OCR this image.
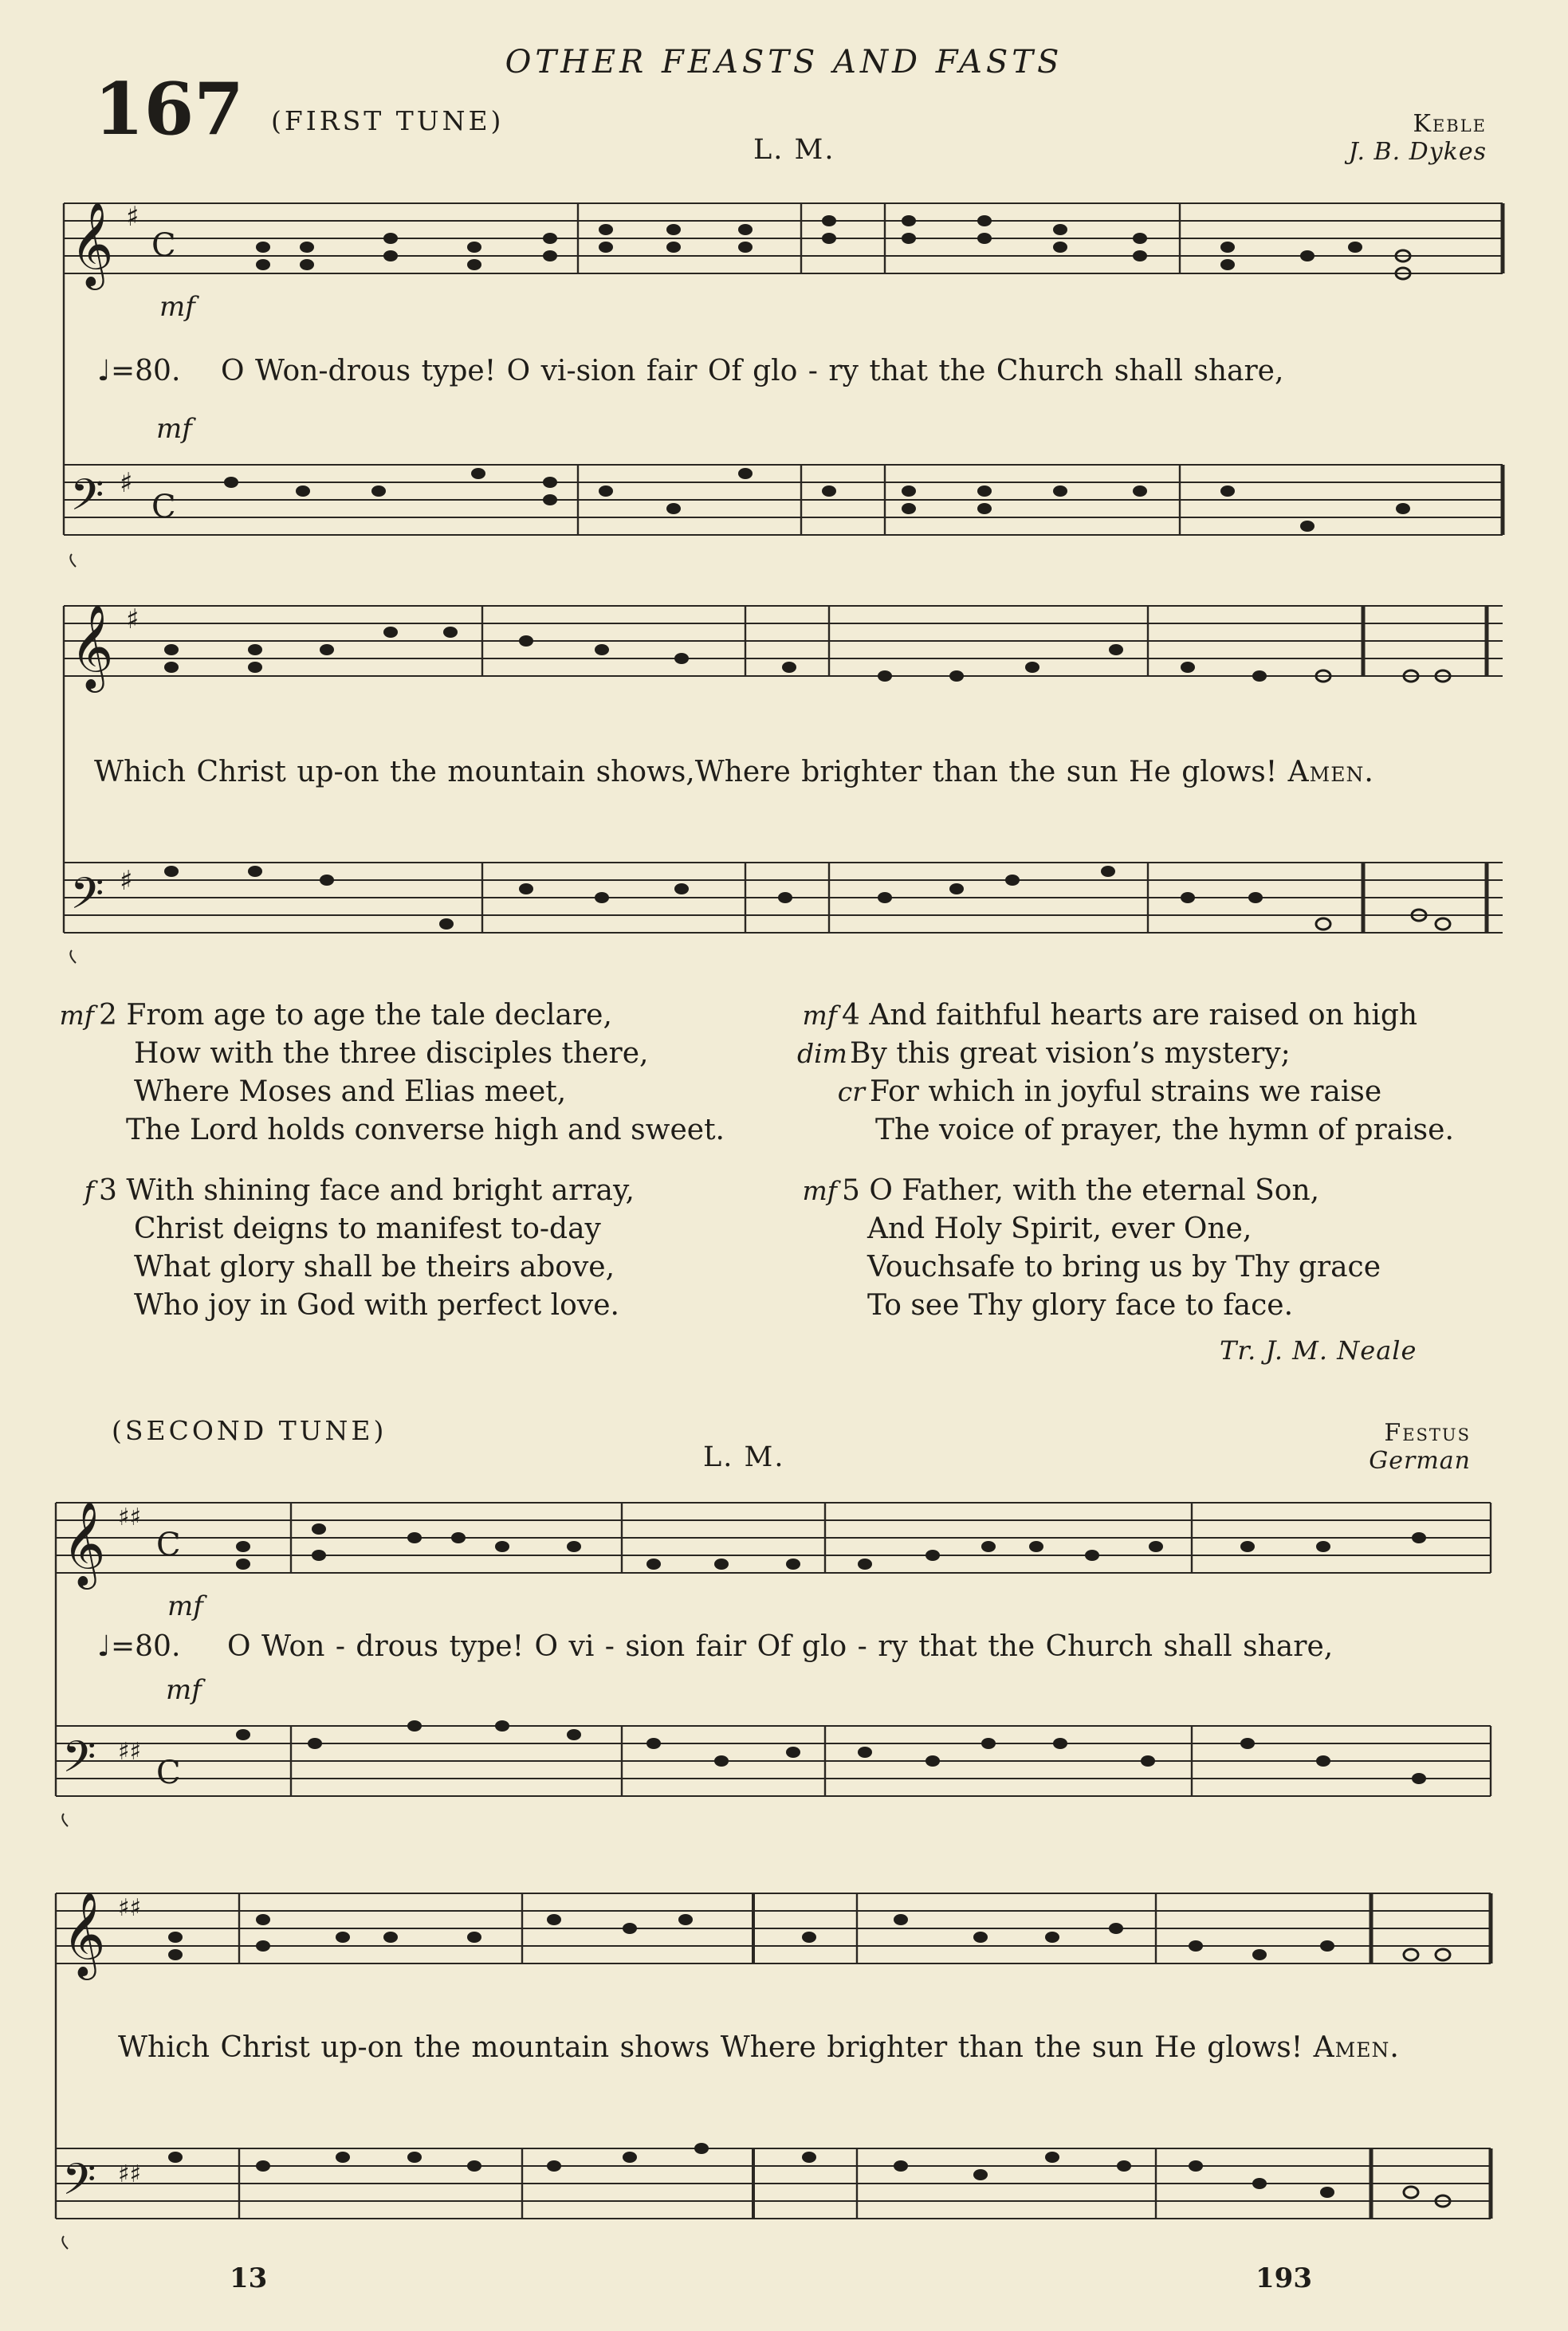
OTHER FEASTS AND FASTS
167 (FIRST TUNE)
L. M.
Keble
J. B. Dykes
𝄞 ♯
C
𝄢 ♯
C
mf
mf
♩=80. O Won-drous type! O vi-sion fair Of glo - ry that the Church shall share,
𝄞 ♯
𝄢 ♯
Which Christ up-on the mountain shows,Where brighter than the sun He glows! Amen.
mf 2 From age to age the tale declare,
How with the three disciples there,
Where Moses and Elias meet,
The Lord holds converse high and sweet.
f 3 With shining face and bright array,
Christ deigns to manifest to-day
What glory shall be theirs above,
Who joy in God with perfect love.
mf 4 And faithful hearts are raised on high
dimBy this great vision’s mystery;
cr For which in joyful strains we raise
The voice of prayer, the hymn of praise.
mf 5 O Father, with the eternal Son,
And Holy Spirit, ever One,
Vouchsafe to bring us by Thy grace
To see Thy glory face to face.
Tr. J. M. Neale
(SECOND TUNE)
L. M.
Festus
German
𝄞 ♯♯
C
𝄢 ♯♯
C
mf
mf
♩=80. O Won - drous type! O vi - sion fair Of glo - ry that the Church shall share,
𝄞 ♯♯
𝄢 ♯♯
Which Christ up-on the mountain shows Where brighter than the sun He glows! Amen.
13	193
